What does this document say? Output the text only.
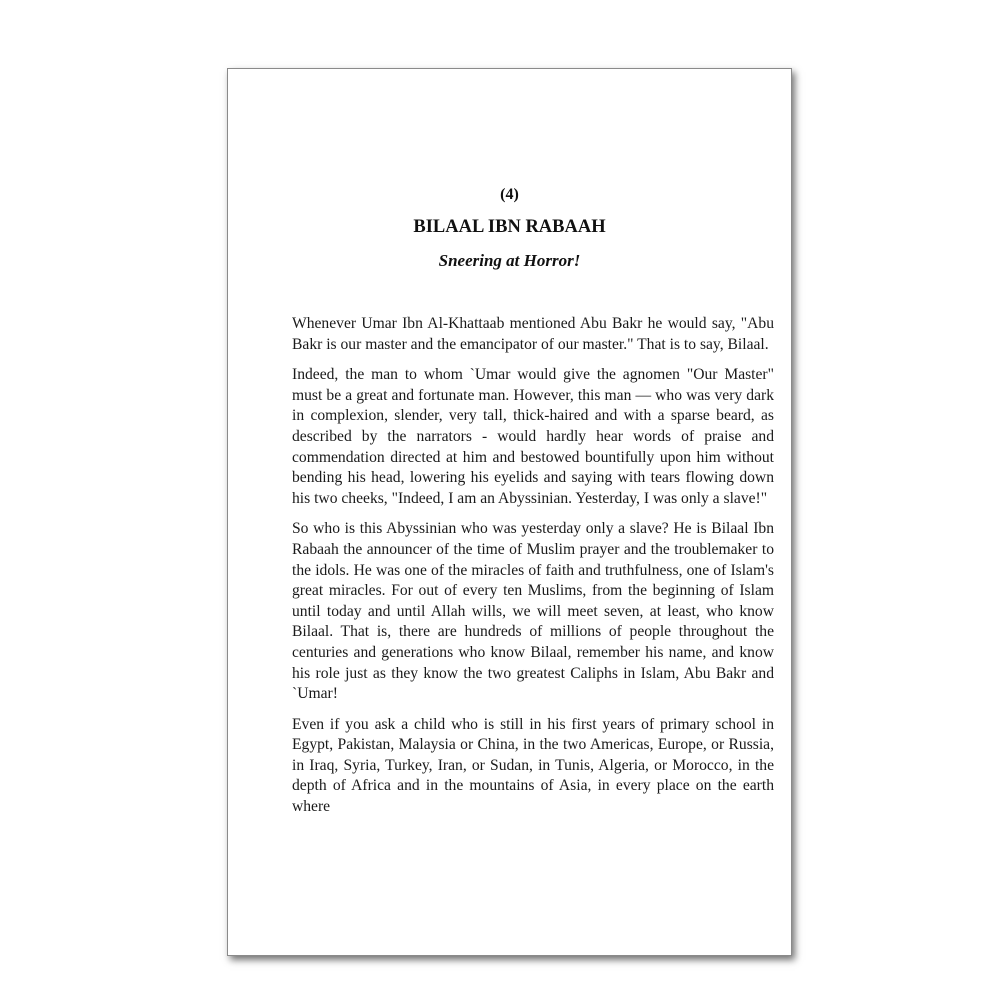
(4)
BILAAL IBN RABAAH
Sneering at Horror!

Whenever Umar Ibn Al-Khattaab mentioned Abu Bakr he would say, "Abu Bakr is our master and the emancipator of our master." That is to say, Bilaal.

Indeed, the man to whom `Umar would give the agnomen "Our Master" must be a great and fortunate man. However, this man — who was very dark in complexion, slender, very tall, thick-haired and with a sparse beard, as described by the narrators - would hardly hear words of praise and commendation directed at him and bestowed bountifully upon him without bending his head, lowering his eyelids and saying with tears flowing down his two cheeks, "Indeed, I am an Abyssinian. Yesterday, I was only a slave!"

So who is this Abyssinian who was yesterday only a slave? He is Bilaal Ibn Rabaah the announcer of the time of Muslim prayer and the troublemaker to the idols. He was one of the miracles of faith and truthfulness, one of Islam's great miracles. For out of every ten Muslims, from the beginning of Islam until today and until Allah wills, we will meet seven, at least, who know Bilaal. That is, there are hundreds of millions of people throughout the centuries and generations who know Bilaal, remember his name, and know his role just as they know the two greatest Caliphs in Islam, Abu Bakr and `Umar!

Even if you ask a child who is still in his first years of primary school in Egypt, Pakistan, Malaysia or China, in the two Americas, Europe, or Russia, in Iraq, Syria, Turkey, Iran, or Sudan, in Tunis, Algeria, or Morocco, in the depth of Africa and in the mountains of Asia, in every place on the earth where
